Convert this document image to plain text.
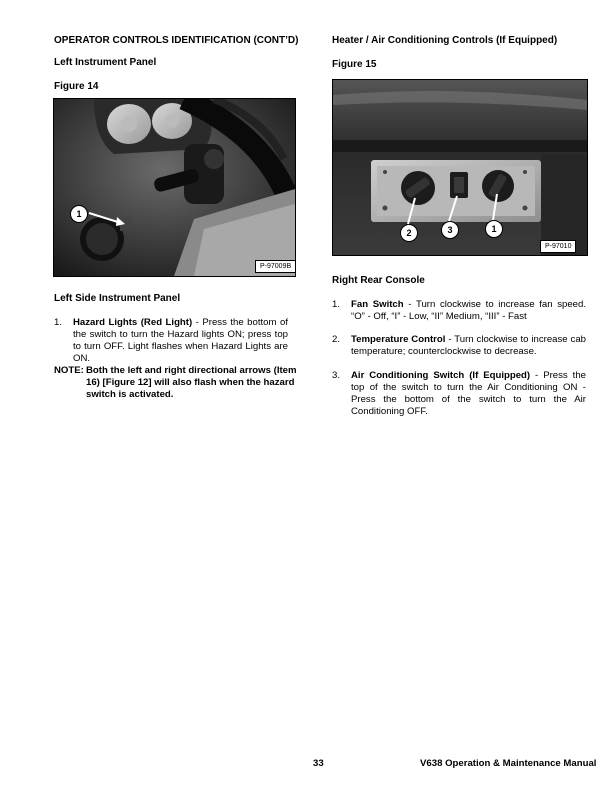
OPERATOR CONTROLS IDENTIFICATION (CONT’D)
Left Instrument Panel
Figure 14
1
P-97009B
Left Side Instrument Panel
1. Hazard Lights (Red Light) - Press the bottom of the switch to turn the Hazard lights ON; press top to turn OFF. Light flashes when Hazard Lights are ON.
NOTE: Both the left and right directional arrows (Item 16) [Figure 12] will also flash when the hazard switch is activated.
Heater / Air Conditioning Controls (If Equipped)
Figure 15
2	3	1
P-97010
Right Rear Console
1. Fan Switch - Turn clockwise to increase fan speed. “O” - Off, “I” - Low, “II” Medium, “III” - Fast
2. Temperature Control - Turn clockwise to increase cab temperature; counterclockwise to decrease.
3. Air Conditioning Switch (If Equipped) - Press the top of the switch to turn the Air Conditioning ON - Press the bottom of the switch to turn the Air Conditioning OFF.
33	V638 Operation & Maintenance Manual
